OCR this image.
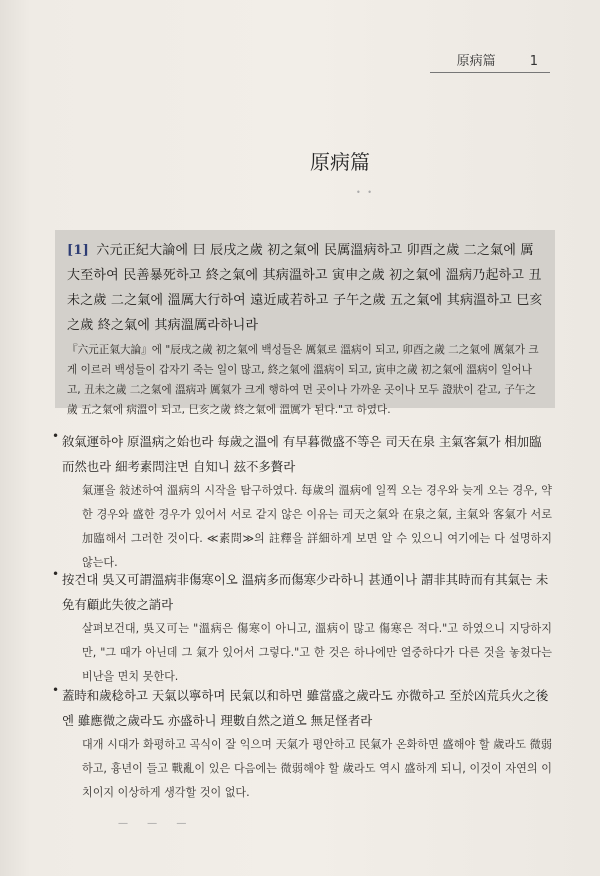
原病篇	1
原病篇
• •
[1] 六元正紀大論에 曰 辰戌之歲 初之氣에 民厲溫病하고 卯酉之歲 二之氣에 厲大至하여 民善暴死하고 終之氣에 其病溫하고 寅申之歲 初之氣에 溫病乃起하고 丑未之歲 二之氣에 溫厲大行하여 遠近咸若하고 子午之歲 五之氣에 其病溫하고 巳亥之歲 終之氣에 其病溫厲라하니라
『六元正氣大論』에 "辰戌之歲 初之氣에 백성들은 厲氣로 溫病이 되고, 卯酉之歲 二之氣에 厲氣가 크게 이르러 백성들이 갑자기 죽는 일이 많고, 終之氣에 溫病이 되고, 寅申之歲 初之氣에 溫病이 일어나고, 丑未之歲 二之氣에 溫病과 厲氣가 크게 행하여 먼 곳이나 가까운 곳이나 모두 證狀이 같고, 子午之歲 五之氣에 病溫이 되고, 巳亥之歲 終之氣에 溫厲가 된다."고 하였다.
• 敘氣運하야 原溫病之始也라 每歲之溫에 有早暮微盛不等은 司天在泉 主氣客氣가 相加臨而然也라 細考素問注면 自知니 玆不多贅라
氣運을 敍述하여 溫病의 시작을 탐구하였다. 每歲의 溫病에 일찍 오는 경우와 늦게 오는 경우, 약한 경우와 盛한 경우가 있어서 서로 같지 않은 이유는 司天之氣와 在泉之氣, 主氣와 客氣가 서로 加臨해서 그러한 것이다. ≪素問≫의 註釋을 詳細하게 보면 알 수 있으니 여기에는 다 설명하지 않는다.
• 按건대 吳又可謂溫病非傷寒이오 溫病多而傷寒少라하니 甚通이나 謂非其時而有其氣는 未免有顧此失彼之誚라
살펴보건대, 吳又可는 "溫病은 傷寒이 아니고, 溫病이 많고 傷寒은 적다."고 하였으니 지당하지만, "그 때가 아닌데 그 氣가 있어서 그렇다."고 한 것은 하나에만 열중하다가 다른 것을 놓쳤다는 비난을 면치 못한다.
• 蓋時和歲稔하고 天氣以寧하며 民氣以和하면 雖當盛之歲라도 亦微하고 至於凶荒兵火之後엔 雖應微之歲라도 亦盛하니 理數自然之道오 無足怪者라
대개 시대가 화평하고 곡식이 잘 익으며 天氣가 평안하고 民氣가 온화하면 盛해야 할 歲라도 微弱하고, 흉년이 들고 戰亂이 있은 다음에는 微弱해야 할 歲라도 역시 盛하게 되니, 이것이 자연의 이치이지 이상하게 생각할 것이 없다.
— — —
